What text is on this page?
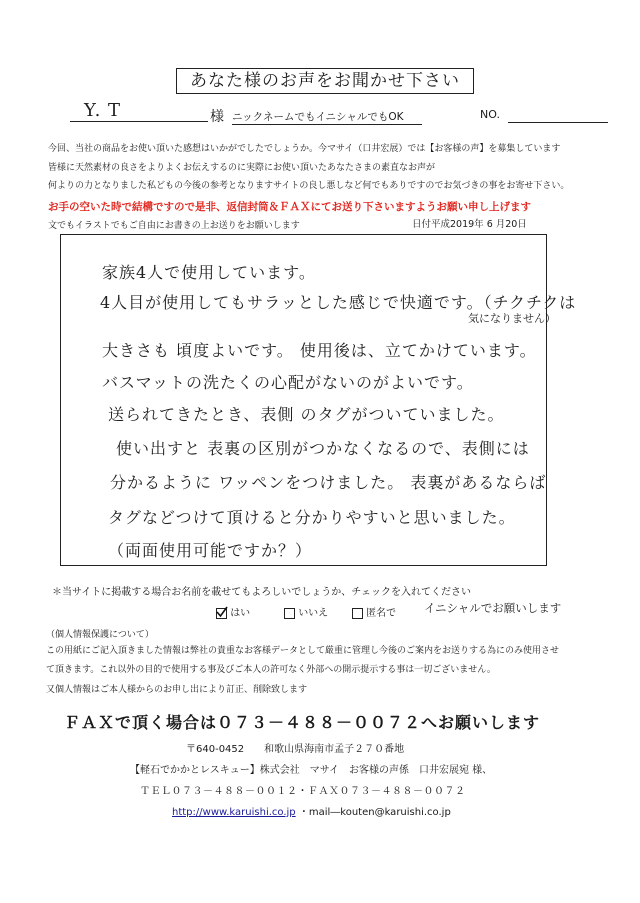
あなた様のお声をお聞かせ下さい
Y. T	様 ニックネームでもイニシャルでもOK	NO.
今回、当社の商品をお使い頂いた感想はいかがでしたでしょうか。今マサイ（口井宏展）では【お客様の声】を募集しています
皆様に天然素材の良さをよりよくお伝えするのに実際にお使い頂いたあなたさまの素直なお声が
何よりの力となりました私どもの今後の参考となりますサイトの良し悪しなど何でもありですのでお気づきの事をお寄せ下さい。
お手の空いた時で結構ですので是非、返信封筒＆ＦＡＸにてお送り下さいますようお願い申し上げます
文でもイラストでもご自由にお書きの上お送りをお願いします	日付平成2019年 6 月20日
家族4人で使用しています。
4人目が使用してもサラッとした感じで快適です。（チクチクは
気になりません）
大きさも 頃度よいです。 使用後は、立てかけています。
バスマットの洗たくの心配がないのがよいです。
送られてきたとき、表側 のタグがついていました。
使い出すと 表裏の区別がつかなくなるので、表側には
分かるように ワッペンをつけました。 表裏があるならば
タグなどつけて頂けると分かりやすいと思いました。
（両面使用可能ですか？）
＊当サイトに掲載する場合お名前を載せてもよろしいでしょうか、チェックを入れてください
はい	いいえ	匿名で イニシャルでお願いします
（個人情報保護について）
この用紙にご記入頂きました情報は弊社の貴重なお客様データとして厳重に管理し今後のご案内をお送りする為にのみ使用させ
て頂きます。これ以外の目的で使用する事及びご本人の許可なく外部への開示提示する事は一切ございません。
又個人情報はご本人様からのお申し出により訂正、削除致します
ＦＡＸで頂く場合は０７３－４８８－００７２へお願いします
〒640-0452　　和歌山県海南市孟子２７０番地
【軽石でかかとレスキュー】株式会社　マサイ　お客様の声係　口井宏展宛 様、
ＴＥＬ０７３－４８８－００１２・ＦＡＸ０７３－４８８－００７２
http://www.karuishi.co.jp ・mail―kouten@karuishi.co.jp
